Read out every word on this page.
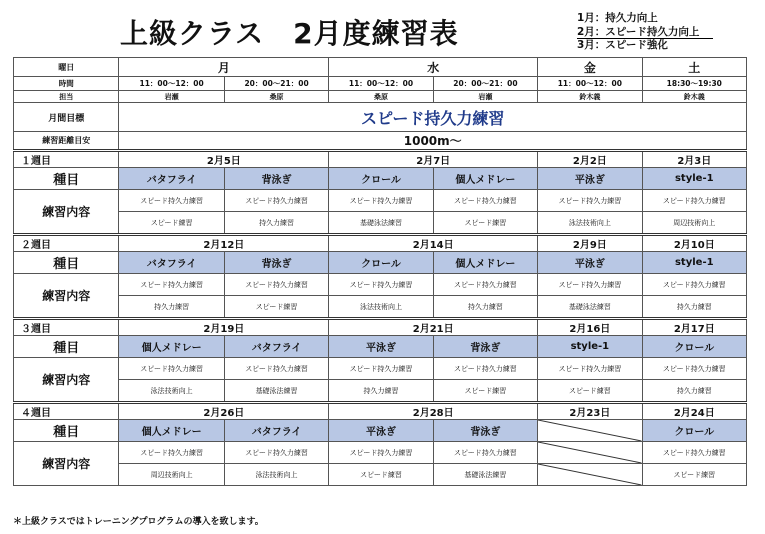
上級クラス　2月度練習表	1月：持久力向上
2月：スピード持久力向上
3月：スピード強化
曜日	月		水		金	土
時間	11：00～12：00	20：00～21：00	11：00～12：00	20：00～21：00	11：00～12：00	18:30～19:30
担当	岩瀬	桑原	桑原	岩瀬	鈴木義	鈴木義
月間目標	スピード持久力練習					
練習距離目安	1000m～					
１週目	2月5日		2月7日		2月2日	2月3日
種目	バタフライ	背泳ぎ	クロール	個人メドレー	平泳ぎ	style-1
練習内容	スピード持久力練習	スピード持久力練習	スピード持久力練習	スピード持久力練習	スピード持久力練習	スピード持久力練習
	スピード練習	持久力練習	基礎泳法練習	スピード練習	泳法技術向上	周辺技術向上
２週目	2月12日		2月14日		2月9日	2月10日
種目	バタフライ	背泳ぎ	クロール	個人メドレー	平泳ぎ	style-1
練習内容	スピード持久力練習	スピード持久力練習	スピード持久力練習	スピード持久力練習	スピード持久力練習	スピード持久力練習
	持久力練習	スピード練習	泳法技術向上	持久力練習	基礎泳法練習	持久力練習
３週目	2月19日		2月21日		2月16日	2月17日
種目	個人メドレー	バタフライ	平泳ぎ	背泳ぎ	style-1	クロール
練習内容	スピード持久力練習	スピード持久力練習	スピード持久力練習	スピード持久力練習	スピード持久力練習	スピード持久力練習
	泳法技術向上	基礎泳法練習	持久力練習	スピード練習	スピード練習	持久力練習
４週目	2月26日		2月28日		2月23日	2月24日
種目	個人メドレー	バタフライ	平泳ぎ	背泳ぎ		クロール
練習内容	スピード持久力練習	スピード持久力練習	スピード持久力練習	スピード持久力練習		スピード持久力練習
	周辺技術向上	泳法技術向上	スピード練習	基礎泳法練習		スピード練習
＊上級クラスではトレーニングプログラムの導入を致します。
